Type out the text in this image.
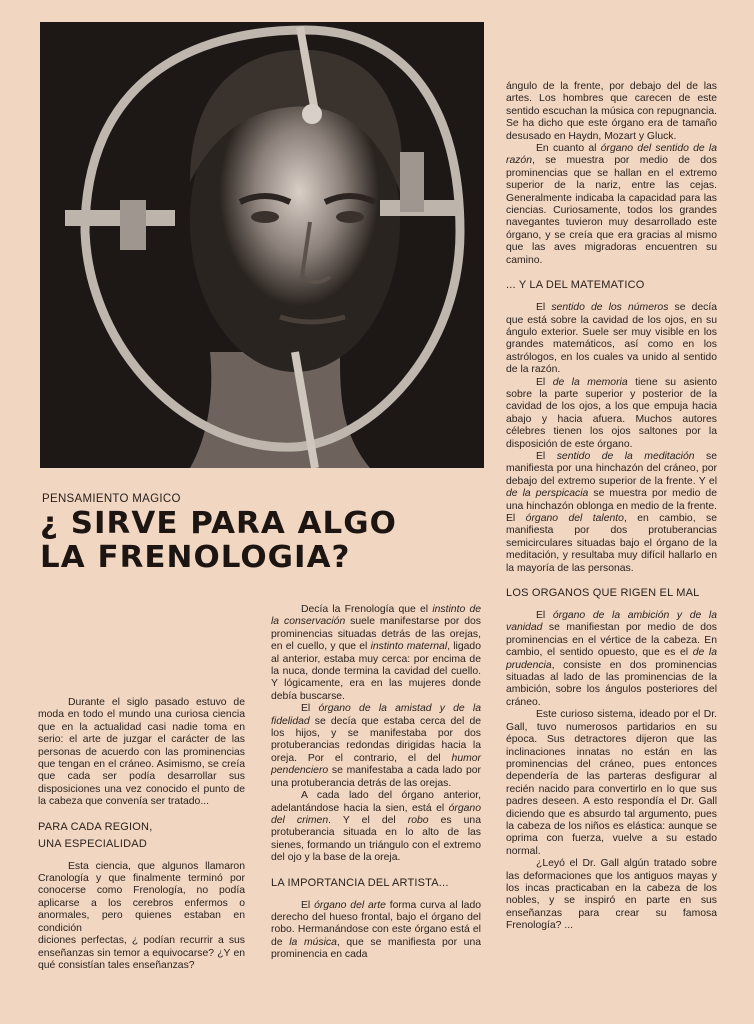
PENSAMIENTO MAGICO
¿ SIRVE PARA ALGO
LA FRENOLOGIA?

Durante el siglo pasado estuvo de moda en todo el mundo una curiosa ciencia que en la actualidad casi nadie toma en serio: el arte de juzgar el carácter de las personas de acuerdo con las prominencias que tengan en el cráneo. Asimismo, se creía que cada ser podía desarrollar sus disposiciones una vez conocido el punto de la cabeza que convenía ser tratado...

PARA CADA REGION,
UNA ESPECIALIDAD

Esta ciencia, que algunos llamaron Cranología y que finalmente terminó por conocerse como Frenología, no podía aplicarse a los cerebros enfermos o anormales, pero quienes estaban en condición

diciones perfectas, ¿ podían recurrir a sus enseñanzas sin temor a equivocarse? ¿Y en qué consistían tales enseñanzas?

Decía la Frenología que el instinto de la conservación suele manifestarse por dos prominencias situadas detrás de las orejas, en el cuello, y que el instinto maternal, ligado al anterior, estaba muy cerca: por encima de la nuca, donde termina la cavidad del cuello. Y lógicamente, era en las mujeres donde debía buscarse.

El órgano de la amistad y de la fidelidad se decía que estaba cerca del de los hijos, y se manifestaba por dos protuberancias redondas dirigidas hacia la oreja. Por el contrario, el del humor pendenciero se manifestaba a cada lado por una protuberancia detrás de las orejas.

A cada lado del órgano anterior, adelantándose hacia la sien, está el órgano del crimen. Y el del robo es una protuberancia situada en lo alto de las sienes, formando un triángulo con el extremo del ojo y la base de la oreja.

LA IMPORTANCIA DEL ARTISTA...

El órgano del arte forma curva al lado derecho del hueso frontal, bajo el órgano del robo. Hermanándose con este órgano está el de la música, que se manifiesta por una prominencia en cada

ángulo de la frente, por debajo del de las artes. Los hombres que carecen de este sentido escuchan la música con repugnancia. Se ha dicho que este órgano era de tamaño desusado en Haydn, Mozart y Gluck.

En cuanto al órgano del sentido de la razón, se muestra por medio de dos prominencias que se hallan en el extremo superior de la nariz, entre las cejas. Generalmente indicaba la capacidad para las ciencias. Curiosamente, todos los grandes navegantes tuvieron muy desarrollado este órgano, y se creía que era gracias al mismo que las aves migradoras encuentren su camino.

... Y LA DEL MATEMATICO

El sentido de los números se decía que está sobre la cavidad de los ojos, en su ángulo exterior. Suele ser muy visible en los grandes matemáticos, así como en los astrólogos, en los cuales va unido al sentido de la razón.

El de la memoria tiene su asiento sobre la parte superior y posterior de la cavidad de los ojos, a los que empuja hacia abajo y hacia afuera. Muchos autores célebres tienen los ojos saltones por la disposición de este órgano.

El sentido de la meditación se manifiesta por una hinchazón del cráneo, por debajo del extremo superior de la frente. Y el de la perspicacia se muestra por medio de una hinchazón oblonga en medio de la frente. El órgano del talento, en cambio, se manifiesta por dos protuberancias semicirculares situadas bajo el órgano de la meditación, y resultaba muy difícil hallarlo en la mayoría de las personas.

LOS ORGANOS QUE RIGEN EL MAL

El órgano de la ambición y de la vanidad se manifiestan por medio de dos prominencias en el vértice de la cabeza. En cambio, el sentido opuesto, que es el de la prudencia, consiste en dos prominencias situadas al lado de las prominencias de la ambición, sobre los ángulos posteriores del cráneo.

Este curioso sistema, ideado por el Dr. Gall, tuvo numerosos partidarios en su época. Sus detractores dijeron que las inclinaciones innatas no están en las prominencias del cráneo, pues entonces dependería de las parteras desfigurar al recién nacido para convertirlo en lo que sus padres deseen. A esto respondía el Dr. Gall diciendo que es absurdo tal argumento, pues la cabeza de los niños es elástica: aunque se oprima con fuerza, vuelve a su estado normal.

¿Leyó el Dr. Gall algún tratado sobre las deformaciones que los antiguos mayas y los incas practicaban en la cabeza de los nobles, y se inspiró en parte en sus enseñanzas para crear su famosa Frenología? ...
